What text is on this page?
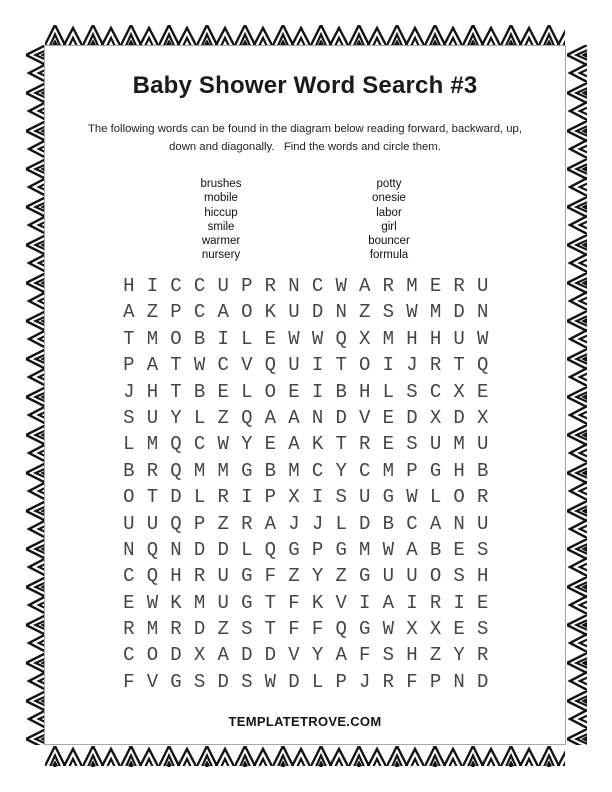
Baby Shower Word Search #3
The following words can be found in the diagram below reading forward, backward, up,
down and diagonally.   Find the words and circle them.
brushes
mobile
hiccup
smile
warmer
nursery
potty
onesie
labor
girl
bouncer
formula
H I C C U P R N C W A R M E R U
A Z P C A O K U D N Z S W M D N
T M O B I L E W W Q X M H H U W
P A T W C V Q U I T O I J R T Q
J H T B E L O E I B H L S C X E
S U Y L Z Q A A N D V E D X D X
L M Q C W Y E A K T R E S U M U
B R Q M M G B M C Y C M P G H B
O T D L R I P X I S U G W L O R
U U Q P Z R A J J L D B C A N U
N Q N D D L Q G P G M W A B E S
C Q H R U G F Z Y Z G U U O S H
E W K M U G T F K V I A I R I E
R M R D Z S T F F Q G W X X E S
C O D X A D D V Y A F S H Z Y R
F V G S D S W D L P J R F P N D
TEMPLATETROVE.COM
